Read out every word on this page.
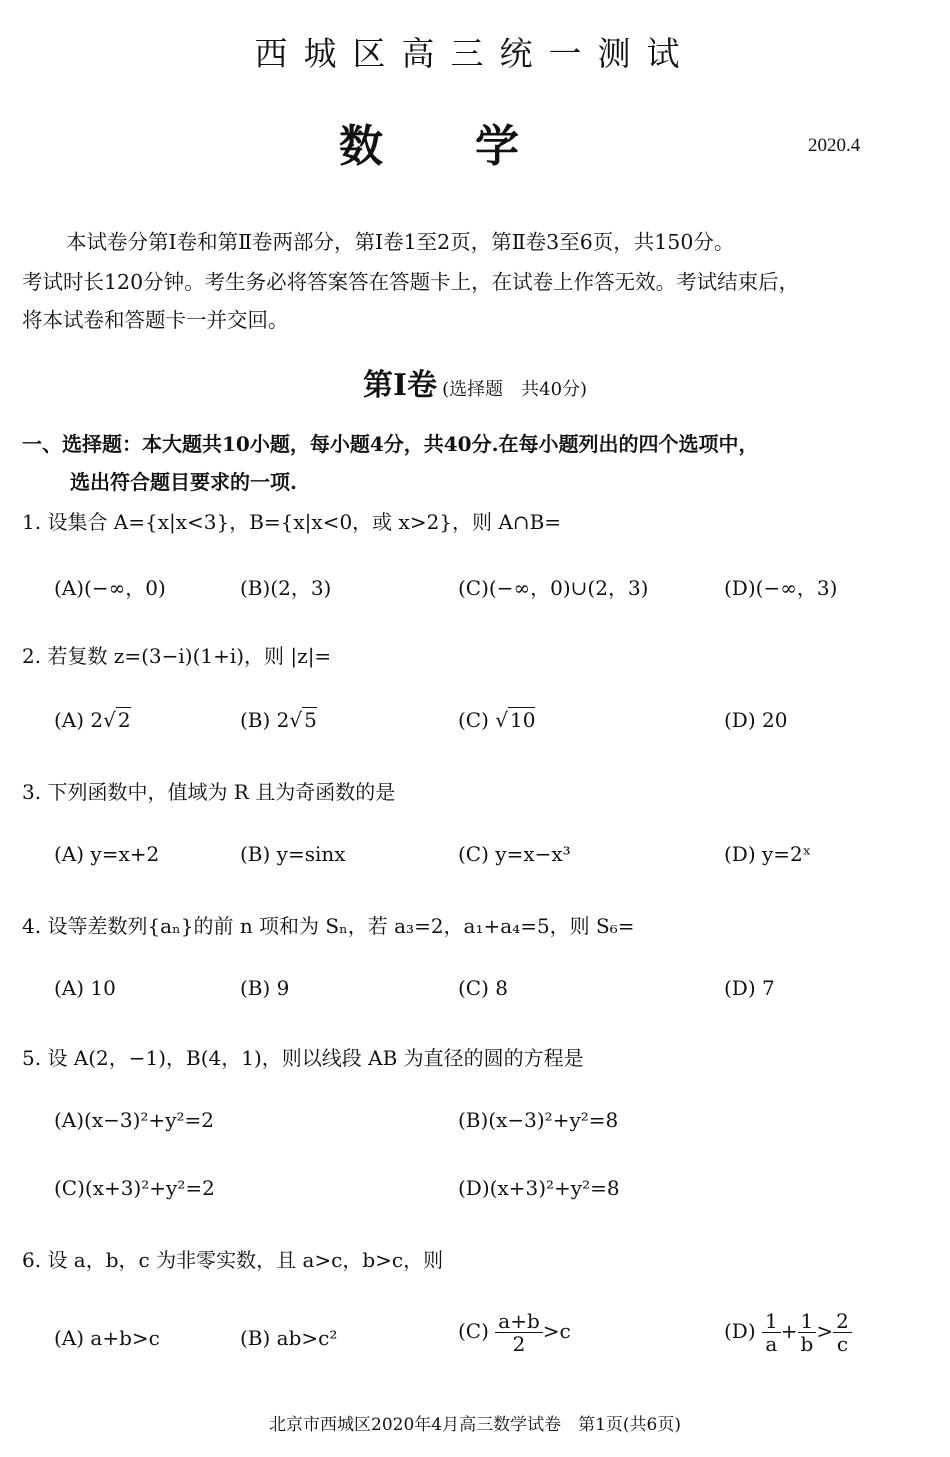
西城区高三统一测试
数学	2020.4
本试卷分第Ⅰ卷和第Ⅱ卷两部分，第Ⅰ卷1至2页，第Ⅱ卷3至6页，共150分。
考试时长120分钟。考生务必将答案答在答题卡上，在试卷上作答无效。考试结束后，
将本试卷和答题卡一并交回。
第Ⅰ卷 (选择题　共40分)
一、选择题：本大题共10小题，每小题4分，共40分.在每小题列出的四个选项中，
选出符合题目要求的一项.
1. 设集合 A={x|x<3}，B={x|x<0，或 x>2}，则 A∩B=
(A)(−∞，0)	(B)(2，3)	(C)(−∞，0)∪(2，3)	(D)(−∞，3)
2. 若复数 z=(3−i)(1+i)，则 |z|=
(A) 2√ 2	(B) 2√ 5	(C) √ 10	(D) 20
3. 下列函数中，值域为 R 且为奇函数的是
(A) y=x+2	(B) y=sinx	(C) y=x−x³	(D) y=2ˣ
4. 设等差数列{aₙ}的前 n 项和为 Sₙ，若 a₃=2，a₁+a₄=5，则 S₆=
(A) 10	(B) 9	(C) 8	(D) 7
5. 设 A(2，−1)，B(4，1)，则以线段 AB 为直径的圆的方程是
(A)(x−3)²+y²=2	(B)(x−3)²+y²=8
(C)(x+3)²+y²=2	(D)(x+3)²+y²=8
6. 设 a，b，c 为非零实数，且 a>c，b>c，则
(A) a+b>c	(B) ab>c²	$(C) \frac{a+b}{2} >c$	$(D) \frac{1}{a} + \frac{1}{b} > \frac{2}{c}$
北京市西城区2020年4月高三数学试卷　第1页(共6页)
